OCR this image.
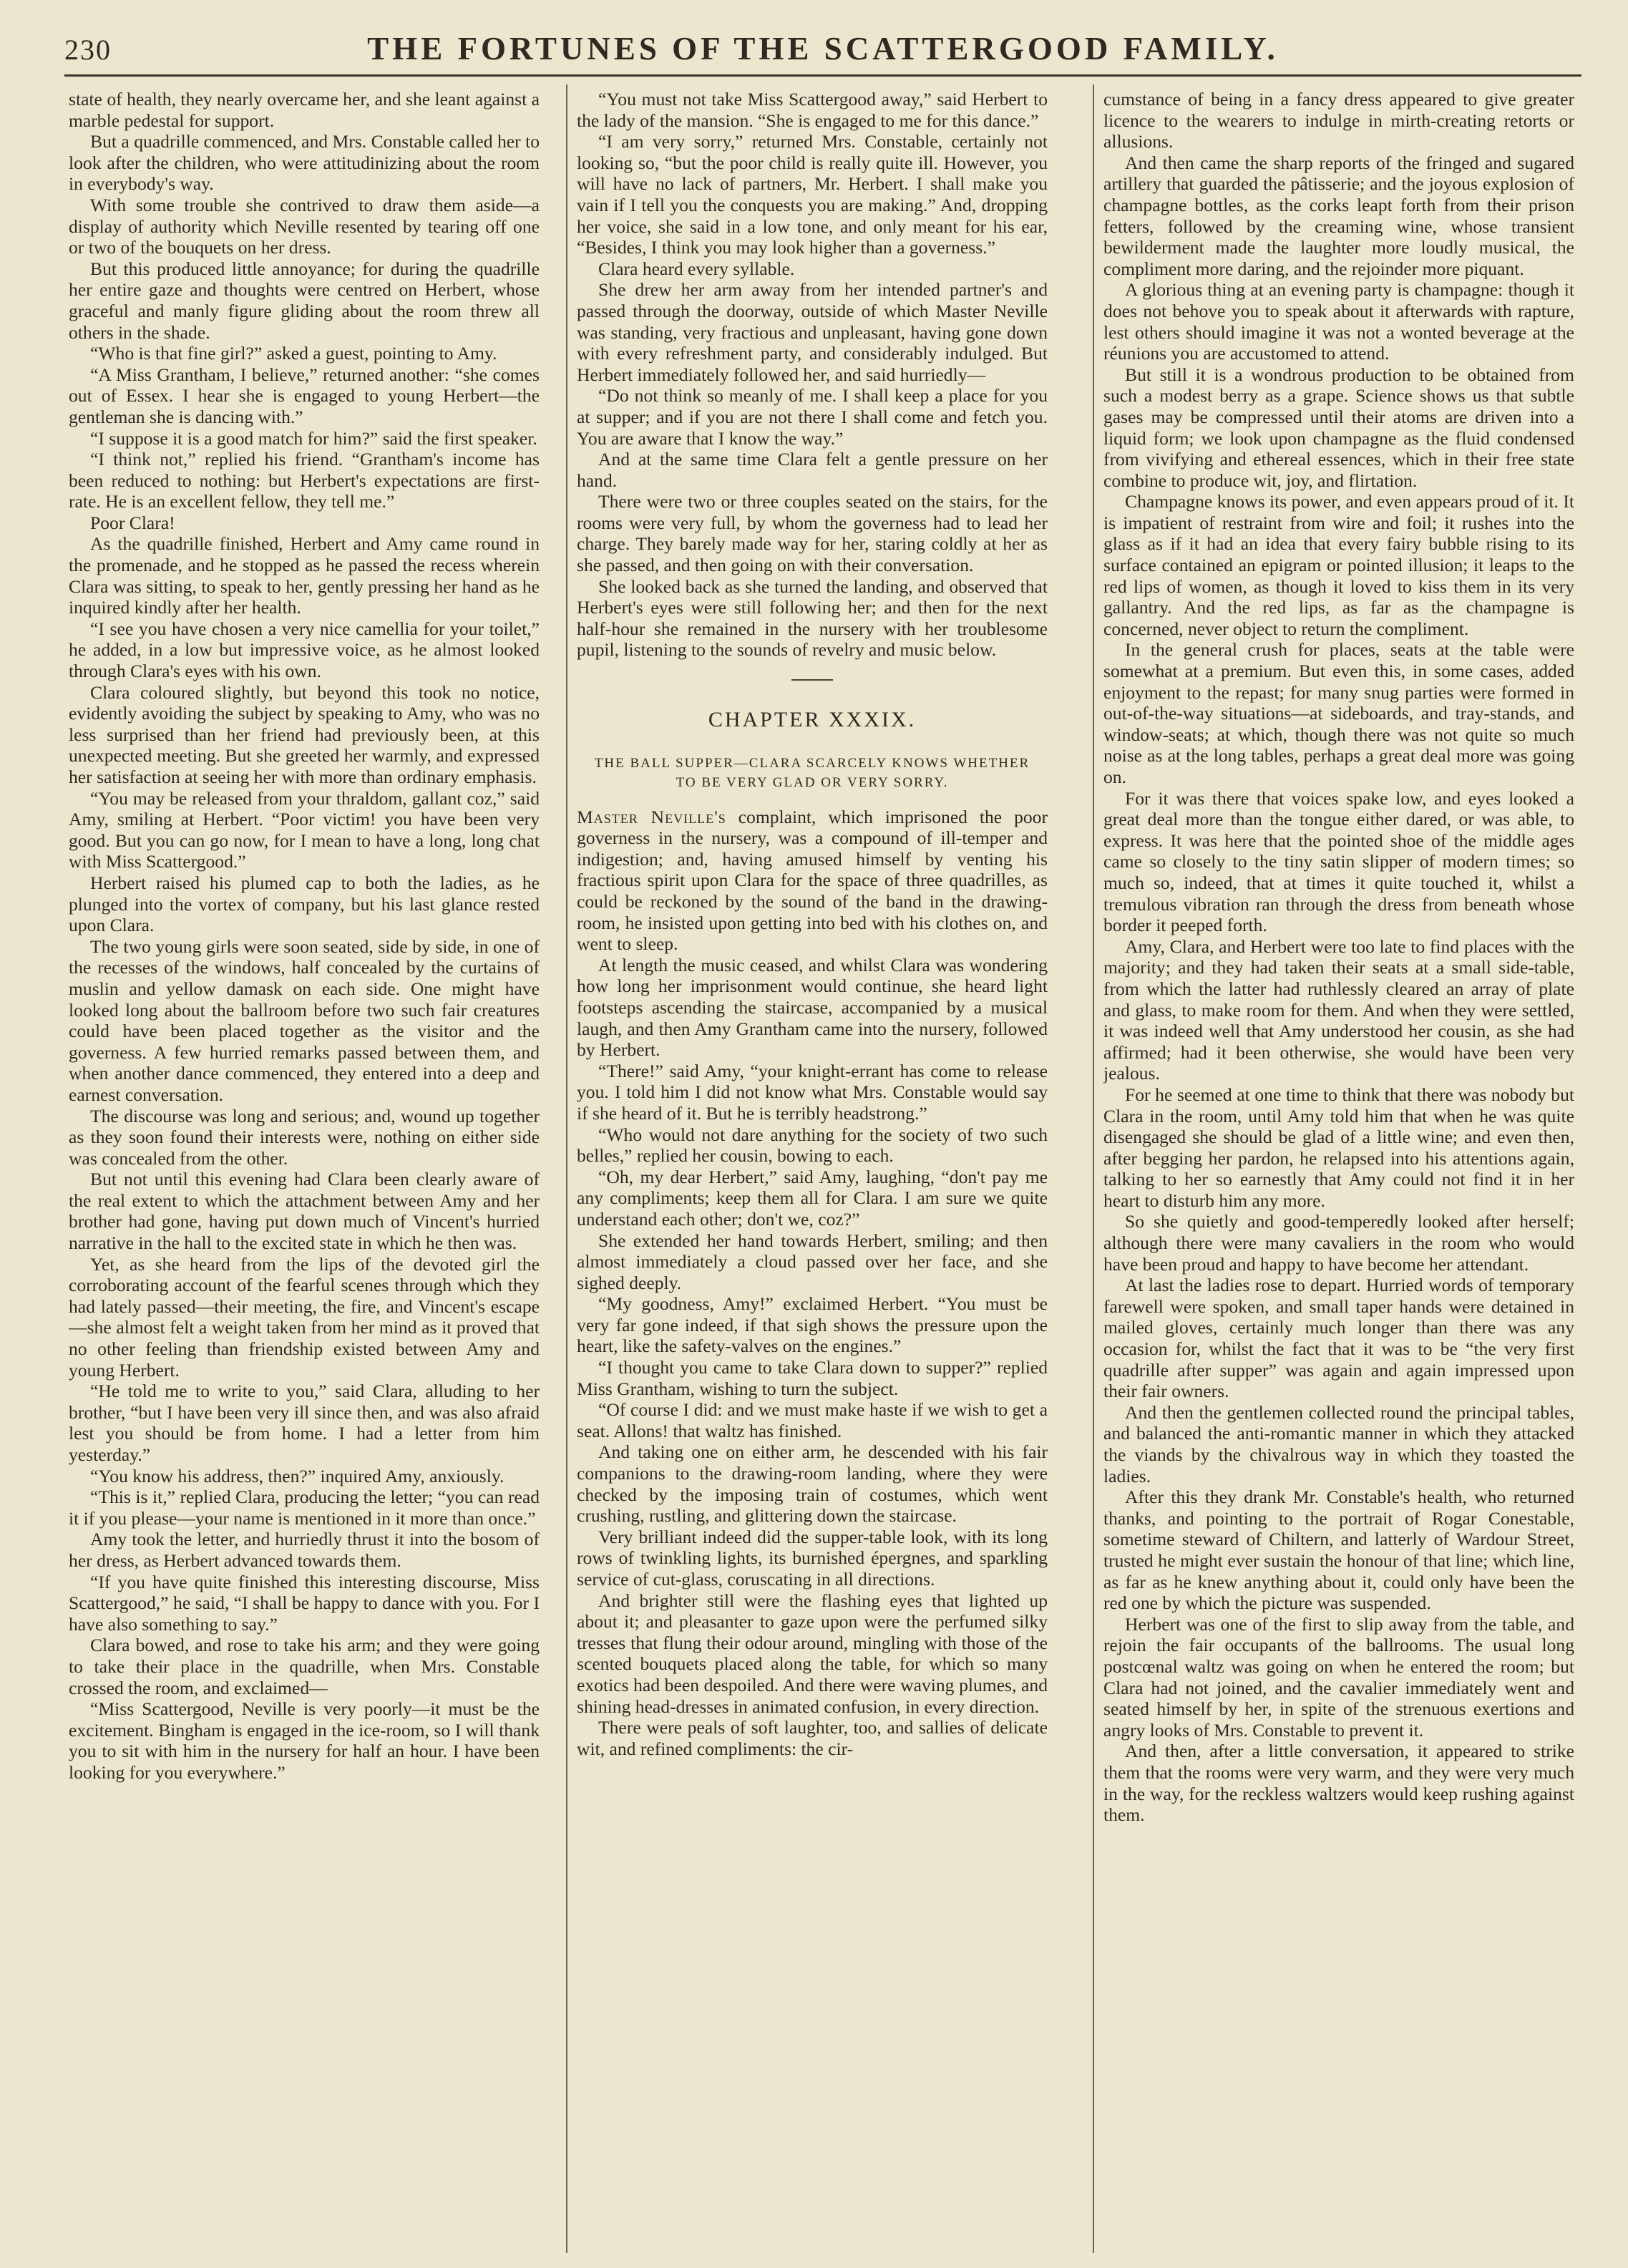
230	THE FORTUNES OF THE SCATTERGOOD FAMILY.

state of health, they nearly overcame her, and she leant against a marble pedestal for support.

But a quadrille commenced, and Mrs. Constable called her to look after the children, who were attitudinizing about the room in everybody's way.

With some trouble she contrived to draw them aside—a display of authority which Neville resented by tearing off one or two of the bouquets on her dress.

But this produced little annoyance; for during the quadrille her entire gaze and thoughts were centred on Herbert, whose graceful and manly figure gliding about the room threw all others in the shade.

“Who is that fine girl?” asked a guest, pointing to Amy.

“A Miss Grantham, I believe,” returned another: “she comes out of Essex. I hear she is engaged to young Herbert—the gentleman she is dancing with.”

“I suppose it is a good match for him?” said the first speaker.

“I think not,” replied his friend. “Grantham's income has been reduced to nothing: but Herbert's expectations are first-rate. He is an excellent fellow, they tell me.”

Poor Clara!

As the quadrille finished, Herbert and Amy came round in the promenade, and he stopped as he passed the recess wherein Clara was sitting, to speak to her, gently pressing her hand as he inquired kindly after her health.

“I see you have chosen a very nice camellia for your toilet,” he added, in a low but impressive voice, as he almost looked through Clara's eyes with his own.

Clara coloured slightly, but beyond this took no notice, evidently avoiding the subject by speaking to Amy, who was no less surprised than her friend had previously been, at this unexpected meeting. But she greeted her warmly, and expressed her satisfaction at seeing her with more than ordinary emphasis.

“You may be released from your thraldom, gallant coz,” said Amy, smiling at Herbert. “Poor victim! you have been very good. But you can go now, for I mean to have a long, long chat with Miss Scattergood.”

Herbert raised his plumed cap to both the ladies, as he plunged into the vortex of company, but his last glance rested upon Clara.

The two young girls were soon seated, side by side, in one of the recesses of the windows, half concealed by the curtains of muslin and yellow damask on each side. One might have looked long about the ballroom before two such fair creatures could have been placed together as the visitor and the governess. A few hurried remarks passed between them, and when another dance commenced, they entered into a deep and earnest conversation.

The discourse was long and serious; and, wound up together as they soon found their interests were, nothing on either side was concealed from the other.

But not until this evening had Clara been clearly aware of the real extent to which the attachment between Amy and her brother had gone, having put down much of Vincent's hurried narrative in the hall to the excited state in which he then was.

Yet, as she heard from the lips of the devoted girl the corroborating account of the fearful scenes through which they had lately passed—their meeting, the fire, and Vincent's escape—she almost felt a weight taken from her mind as it proved that no other feeling than friendship existed between Amy and young Herbert.

“He told me to write to you,” said Clara, alluding to her brother, “but I have been very ill since then, and was also afraid lest you should be from home. I had a letter from him yesterday.”

“You know his address, then?” inquired Amy, anxiously.

“This is it,” replied Clara, producing the letter; “you can read it if you please—your name is mentioned in it more than once.”

Amy took the letter, and hurriedly thrust it into the bosom of her dress, as Herbert advanced towards them.

“If you have quite finished this interesting discourse, Miss Scattergood,” he said, “I shall be happy to dance with you. For I have also something to say.”

Clara bowed, and rose to take his arm; and they were going to take their place in the quadrille, when Mrs. Constable crossed the room, and exclaimed—

“Miss Scattergood, Neville is very poorly—it must be the excitement. Bingham is engaged in the ice-room, so I will thank you to sit with him in the nursery for half an hour. I have been looking for you everywhere.”

“You must not take Miss Scattergood away,” said Herbert to the lady of the mansion. “She is engaged to me for this dance.”

“I am very sorry,” returned Mrs. Constable, certainly not looking so, “but the poor child is really quite ill. However, you will have no lack of partners, Mr. Herbert. I shall make you vain if I tell you the conquests you are making.” And, dropping her voice, she said in a low tone, and only meant for his ear, “Besides, I think you may look higher than a governess.”

Clara heard every syllable.

She drew her arm away from her intended partner's and passed through the doorway, outside of which Master Neville was standing, very fractious and unpleasant, having gone down with every refreshment party, and considerably indulged. But Herbert immediately followed her, and said hurriedly—

“Do not think so meanly of me. I shall keep a place for you at supper; and if you are not there I shall come and fetch you. You are aware that I know the way.”

And at the same time Clara felt a gentle pressure on her hand.

There were two or three couples seated on the stairs, for the rooms were very full, by whom the governess had to lead her charge. They barely made way for her, staring coldly at her as she passed, and then going on with their conversation.

She looked back as she turned the landing, and observed that Herbert's eyes were still following her; and then for the next half-hour she remained in the nursery with her troublesome pupil, listening to the sounds of revelry and music below.

CHAPTER XXXIX.

THE BALL SUPPER—CLARA SCARCELY KNOWS WHETHER TO BE VERY GLAD OR VERY SORRY.

Master Neville's complaint, which imprisoned the poor governess in the nursery, was a compound of ill-temper and indigestion; and, having amused himself by venting his fractious spirit upon Clara for the space of three quadrilles, as could be reckoned by the sound of the band in the drawing-room, he insisted upon getting into bed with his clothes on, and went to sleep.

At length the music ceased, and whilst Clara was wondering how long her imprisonment would continue, she heard light footsteps ascending the staircase, accompanied by a musical laugh, and then Amy Grantham came into the nursery, followed by Herbert.

“There!” said Amy, “your knight-errant has come to release you. I told him I did not know what Mrs. Constable would say if she heard of it. But he is terribly headstrong.”

“Who would not dare anything for the society of two such belles,” replied her cousin, bowing to each.

“Oh, my dear Herbert,” said Amy, laughing, “don't pay me any compliments; keep them all for Clara. I am sure we quite understand each other; don't we, coz?”

She extended her hand towards Herbert, smiling; and then almost immediately a cloud passed over her face, and she sighed deeply.

“My goodness, Amy!” exclaimed Herbert. “You must be very far gone indeed, if that sigh shows the pressure upon the heart, like the safety-valves on the engines.”

“I thought you came to take Clara down to supper?” replied Miss Grantham, wishing to turn the subject.

“Of course I did: and we must make haste if we wish to get a seat. Allons! that waltz has finished.

And taking one on either arm, he descended with his fair companions to the drawing-room landing, where they were checked by the imposing train of costumes, which went crushing, rustling, and glittering down the staircase.

Very brilliant indeed did the supper-table look, with its long rows of twinkling lights, its burnished épergnes, and sparkling service of cut-glass, coruscating in all directions.

And brighter still were the flashing eyes that lighted up about it; and pleasanter to gaze upon were the perfumed silky tresses that flung their odour around, mingling with those of the scented bouquets placed along the table, for which so many exotics had been despoiled. And there were waving plumes, and shining head-dresses in animated confusion, in every direction.

There were peals of soft laughter, too, and sallies of delicate wit, and refined compliments: the cir-

cumstance of being in a fancy dress appeared to give greater licence to the wearers to indulge in mirth-creating retorts or allusions.

And then came the sharp reports of the fringed and sugared artillery that guarded the pâtisserie; and the joyous explosion of champagne bottles, as the corks leapt forth from their prison fetters, followed by the creaming wine, whose transient bewilderment made the laughter more loudly musical, the compliment more daring, and the rejoinder more piquant.

A glorious thing at an evening party is champagne: though it does not behove you to speak about it afterwards with rapture, lest others should imagine it was not a wonted beverage at the réunions you are accustomed to attend.

But still it is a wondrous production to be obtained from such a modest berry as a grape. Science shows us that subtle gases may be compressed until their atoms are driven into a liquid form; we look upon champagne as the fluid condensed from vivifying and ethereal essences, which in their free state combine to produce wit, joy, and flirtation.

Champagne knows its power, and even appears proud of it. It is impatient of restraint from wire and foil; it rushes into the glass as if it had an idea that every fairy bubble rising to its surface contained an epigram or pointed illusion; it leaps to the red lips of women, as though it loved to kiss them in its very gallantry. And the red lips, as far as the champagne is concerned, never object to return the compliment.

In the general crush for places, seats at the table were somewhat at a premium. But even this, in some cases, added enjoyment to the repast; for many snug parties were formed in out-of-the-way situations—at sideboards, and tray-stands, and window-seats; at which, though there was not quite so much noise as at the long tables, perhaps a great deal more was going on.

For it was there that voices spake low, and eyes looked a great deal more than the tongue either dared, or was able, to express. It was here that the pointed shoe of the middle ages came so closely to the tiny satin slipper of modern times; so much so, indeed, that at times it quite touched it, whilst a tremulous vibration ran through the dress from beneath whose border it peeped forth.

Amy, Clara, and Herbert were too late to find places with the majority; and they had taken their seats at a small side-table, from which the latter had ruthlessly cleared an array of plate and glass, to make room for them. And when they were settled, it was indeed well that Amy understood her cousin, as she had affirmed; had it been otherwise, she would have been very jealous.

For he seemed at one time to think that there was nobody but Clara in the room, until Amy told him that when he was quite disengaged she should be glad of a little wine; and even then, after begging her pardon, he relapsed into his attentions again, talking to her so earnestly that Amy could not find it in her heart to disturb him any more.

So she quietly and good-temperedly looked after herself; although there were many cavaliers in the room who would have been proud and happy to have become her attendant.

At last the ladies rose to depart. Hurried words of temporary farewell were spoken, and small taper hands were detained in mailed gloves, certainly much longer than there was any occasion for, whilst the fact that it was to be “the very first quadrille after supper” was again and again impressed upon their fair owners.

And then the gentlemen collected round the principal tables, and balanced the anti-romantic manner in which they attacked the viands by the chivalrous way in which they toasted the ladies.

After this they drank Mr. Constable's health, who returned thanks, and pointing to the portrait of Rogar Conestable, sometime steward of Chiltern, and latterly of Wardour Street, trusted he might ever sustain the honour of that line; which line, as far as he knew anything about it, could only have been the red one by which the picture was suspended.

Herbert was one of the first to slip away from the table, and rejoin the fair occupants of the ballrooms. The usual long postcœnal waltz was going on when he entered the room; but Clara had not joined, and the cavalier immediately went and seated himself by her, in spite of the strenuous exertions and angry looks of Mrs. Constable to prevent it.

And then, after a little conversation, it appeared to strike them that the rooms were very warm, and they were very much in the way, for the reckless waltzers would keep rushing against them.
